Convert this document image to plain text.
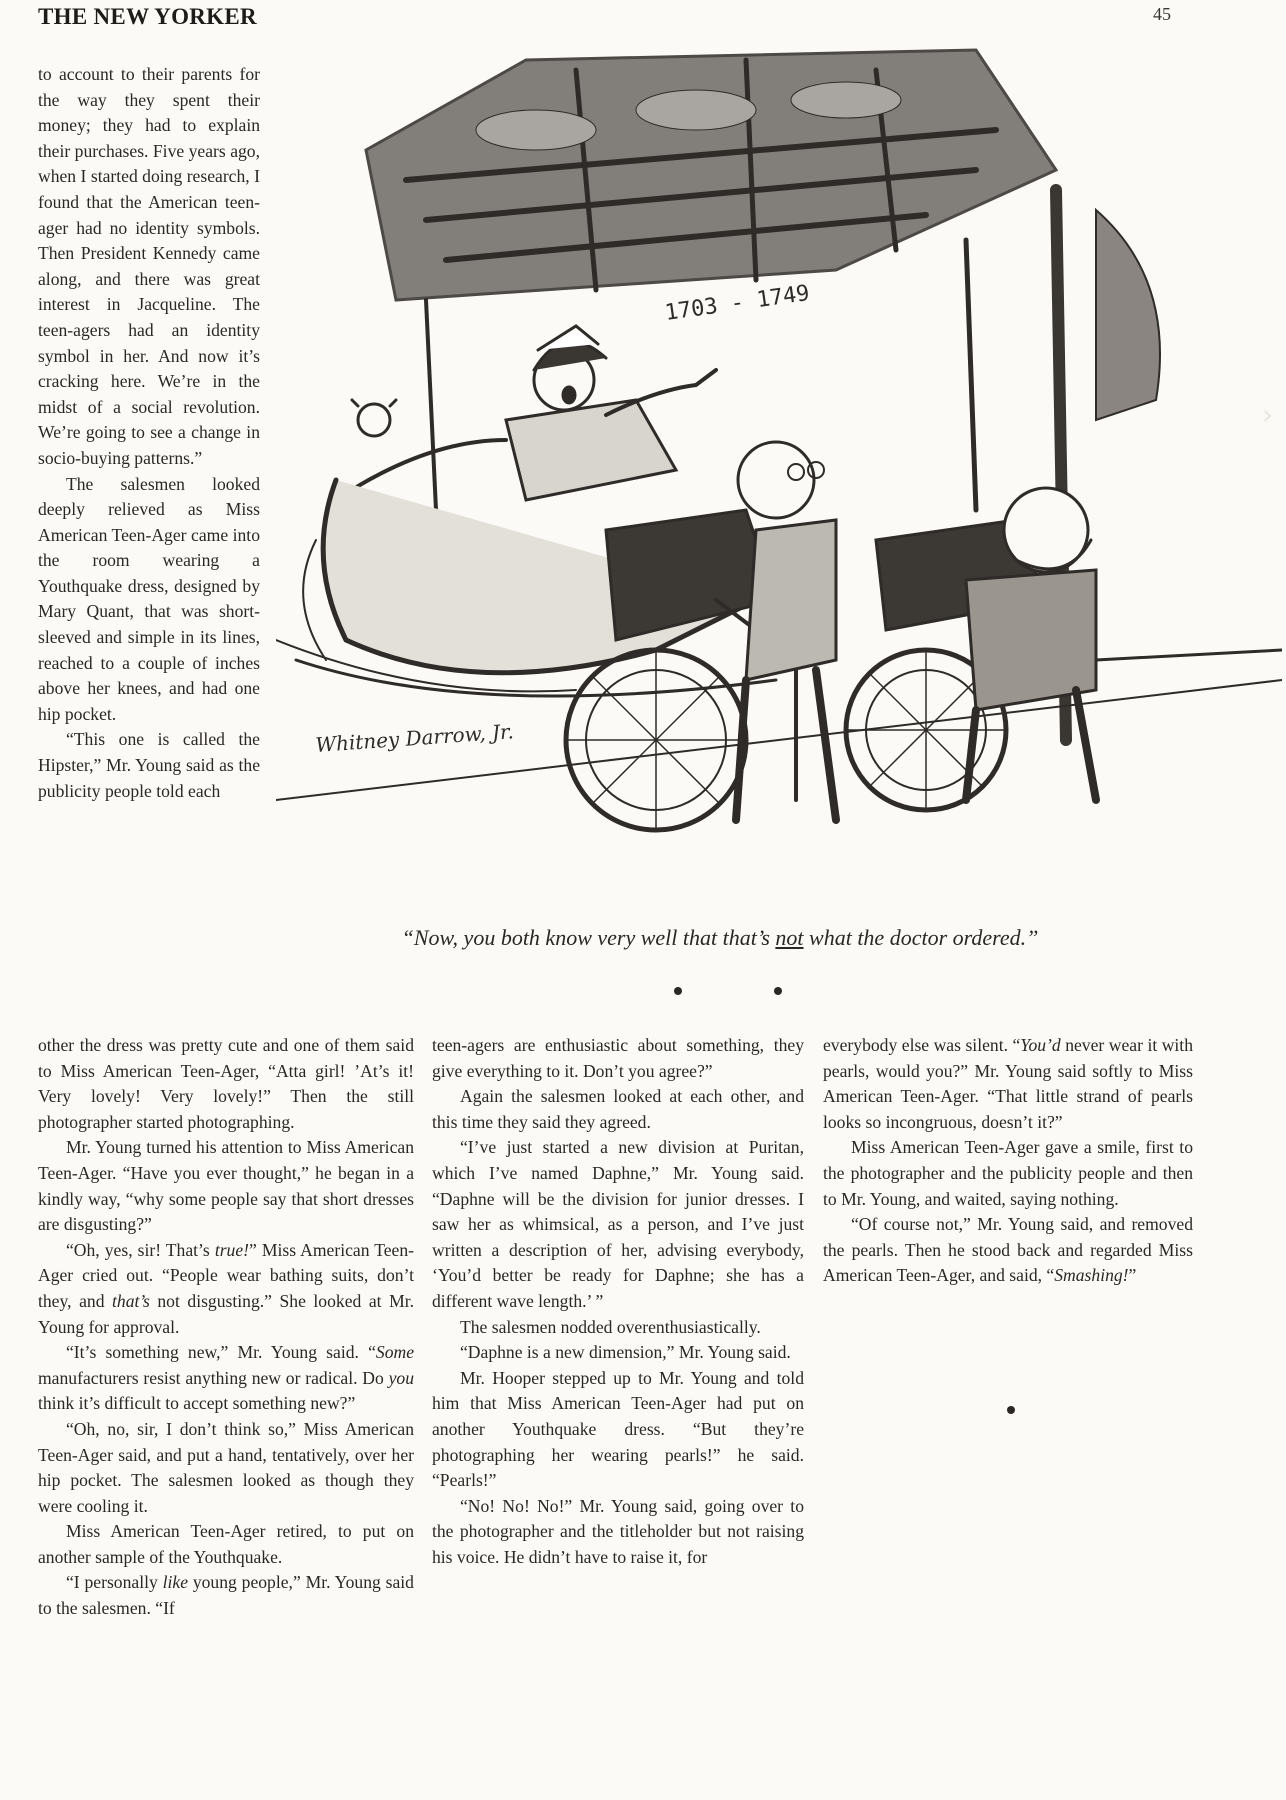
THE NEW YORKER	45

to account to their parents for the way they spent their money; they had to explain their purchases. Five years ago, when I started doing research, I found that the American teen-ager had no identity symbols. Then President Kennedy came along, and there was great interest in Jacqueline. The teen-agers had an identity symbol in her. And now it’s cracking here. We’re in the midst of a social revolution. We’re going to see a change in socio-buying patterns.”

The salesmen looked deeply relieved as Miss American Teen-Ager came into the room wearing a Youthquake dress, designed by Mary Quant, that was short-sleeved and simple in its lines, reached to a couple of inches above her knees, and had one hip pocket.

“This one is called the Hipster,” Mr. Young said as the publicity people told each

1703 - 1749
Whitney Darrow, Jr.
“Now, you both know very well that that’s not what the doctor ordered.”

other the dress was pretty cute and one of them said to Miss American Teen-Ager, “Atta girl! ’At’s it! Very lovely! Very lovely!” Then the still photographer started photographing.

Mr. Young turned his attention to Miss American Teen-Ager. “Have you ever thought,” he began in a kindly way, “why some people say that short dresses are disgusting?”

“Oh, yes, sir! That’s true!” Miss American Teen-Ager cried out. “People wear bathing suits, don’t they, and that’s not disgusting.” She looked at Mr. Young for approval.

“It’s something new,” Mr. Young said. “Some manufacturers resist anything new or radical. Do you think it’s difficult to accept something new?”

“Oh, no, sir, I don’t think so,” Miss American Teen-Ager said, and put a hand, tentatively, over her hip pocket. The salesmen looked as though they were cooling it.

Miss American Teen-Ager retired, to put on another sample of the Youthquake.

“I personally like young people,” Mr. Young said to the salesmen. “If

teen-agers are enthusiastic about something, they give everything to it. Don’t you agree?”

Again the salesmen looked at each other, and this time they said they agreed.

“I’ve just started a new division at Puritan, which I’ve named Daphne,” Mr. Young said. “Daphne will be the division for junior dresses. I saw her as whimsical, as a person, and I’ve just written a description of her, advising everybody, ‘You’d better be ready for Daphne; she has a different wave length.’ ”

The salesmen nodded overenthusiastically.

“Daphne is a new dimension,” Mr. Young said.

Mr. Hooper stepped up to Mr. Young and told him that Miss American Teen-Ager had put on another Youthquake dress. “But they’re photographing her wearing pearls!” he said. “Pearls!”

“No! No! No!” Mr. Young said, going over to the photographer and the titleholder but not raising his voice. He didn’t have to raise it, for

everybody else was silent. “You’d never wear it with pearls, would you?” Mr. Young said softly to Miss American Teen-Ager. “That little strand of pearls looks so incongruous, doesn’t it?”

Miss American Teen-Ager gave a smile, first to the photographer and the publicity people and then to Mr. Young, and waited, saying nothing.

“Of course not,” Mr. Young said, and removed the pearls. Then he stood back and regarded Miss American Teen-Ager, and said, “Smashing!”

›
